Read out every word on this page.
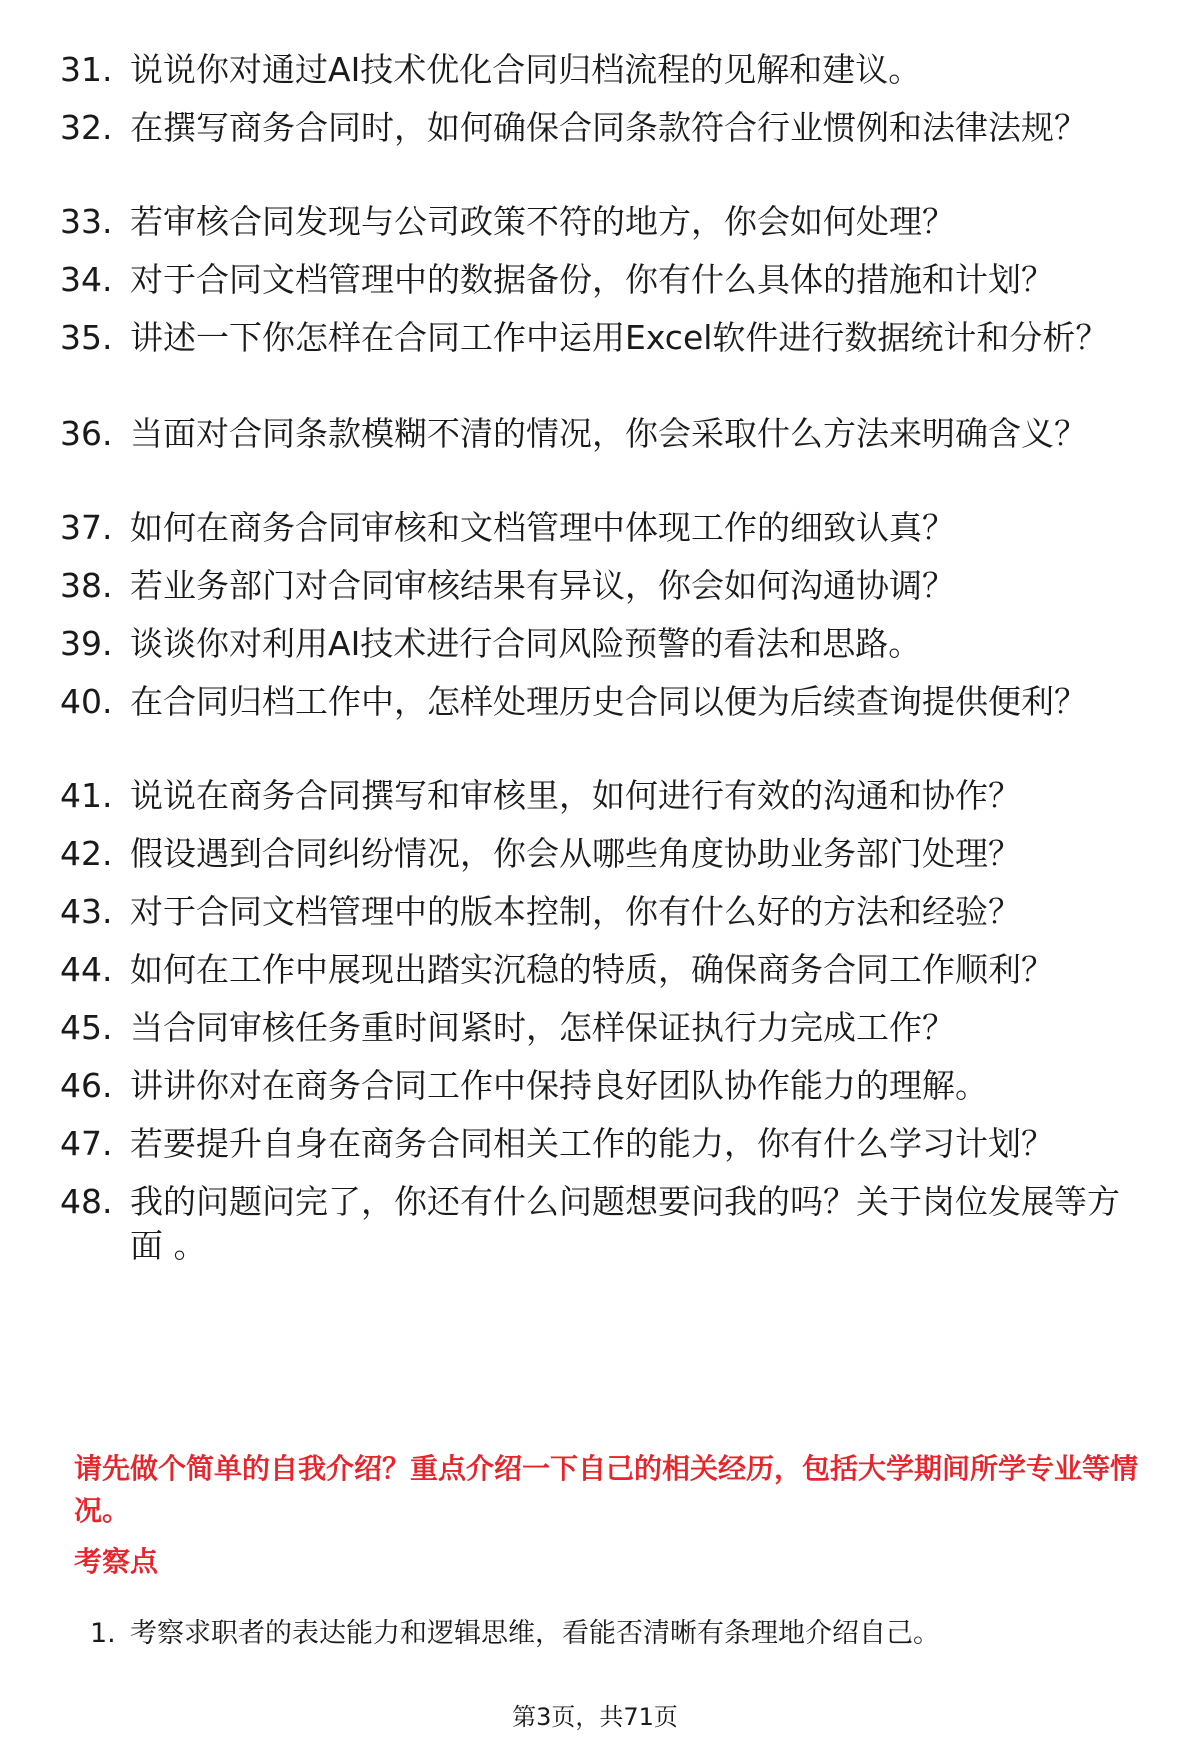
31. 说说你对通过AI技术优化合同归档流程的见解和建议。
32. 在撰写商务合同时，如何确保合同条款符合行业惯例和法律法规？
33. 若审核合同发现与公司政策不符的地方，你会如何处理？
34. 对于合同文档管理中的数据备份，你有什么具体的措施和计划？
35. 讲述一下你怎样在合同工作中运用Excel软件进行数据统计和分析？
36. 当面对合同条款模糊不清的情况，你会采取什么方法来明确含义？
37. 如何在商务合同审核和文档管理中体现工作的细致认真？
38. 若业务部门对合同审核结果有异议，你会如何沟通协调？
39. 谈谈你对利用AI技术进行合同风险预警的看法和思路。
40. 在合同归档工作中，怎样处理历史合同以便为后续查询提供便利？
41. 说说在商务合同撰写和审核里，如何进行有效的沟通和协作？
42. 假设遇到合同纠纷情况，你会从哪些角度协助业务部门处理？
43. 对于合同文档管理中的版本控制，你有什么好的方法和经验？
44. 如何在工作中展现出踏实沉稳的特质，确保商务合同工作顺利？
45. 当合同审核任务重时间紧时，怎样保证执行力完成工作？
46. 讲讲你对在商务合同工作中保持良好团队协作能力的理解。
47. 若要提升自身在商务合同相关工作的能力，你有什么学习计划？
48. 我的问题问完了，你还有什么问题想要问我的吗？关于岗位发展等方面 。
请先做个简单的自我介绍？重点介绍一下自己的相关经历，包括大学期间所学专业等情况。
考察点
1. 考察求职者的表达能力和逻辑思维，看能否清晰有条理地介绍自己。
第3页，共71页
